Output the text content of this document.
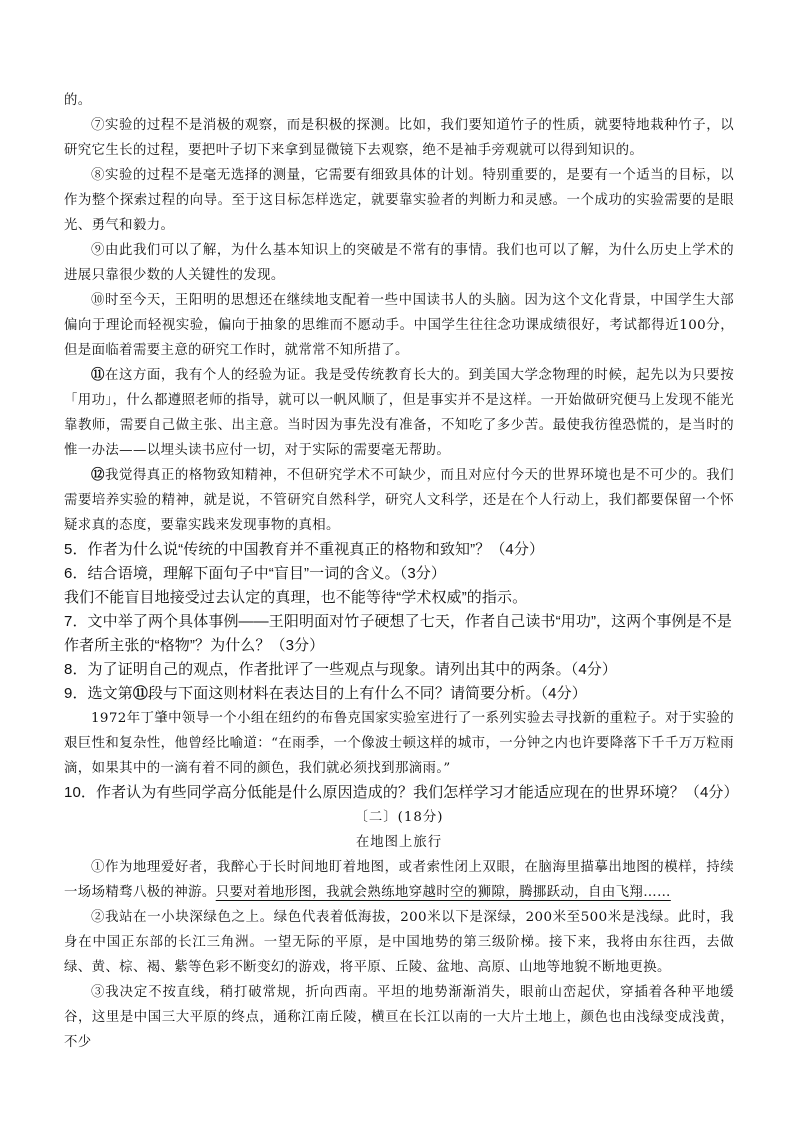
的。

⑦实验的过程不是消极的观察，而是积极的探测。比如，我们要知道竹子的性质，就要特地栽种竹子，以研究它生长的过程，要把叶子切下来拿到显微镜下去观察，绝不是袖手旁观就可以得到知识的。

⑧实验的过程不是毫无选择的测量，它需要有细致具体的计划。特别重要的，是要有一个适当的目标，以作为整个探索过程的向导。至于这目标怎样选定，就要靠实验者的判断力和灵感。一个成功的实验需要的是眼光、勇气和毅力。

⑨由此我们可以了解，为什么基本知识上的突破是不常有的事情。我们也可以了解，为什么历史上学术的进展只靠很少数的人关键性的发现。

⑩时至今天，王阳明的思想还在继续地支配着一些中国读书人的头脑。因为这个文化背景，中国学生大部偏向于理论而轻视实验，偏向于抽象的思维而不愿动手。中国学生往往念功课成绩很好，考试都得近100分，但是面临着需要主意的研究工作时，就常常不知所措了。

⑪在这方面，我有个人的经验为证。我是受传统教育长大的。到美国大学念物理的时候，起先以为只要按「用功」，什么都遵照老师的指导，就可以一帆风顺了，但是事实并不是这样。一开始做研究便马上发现不能光靠教师，需要自己做主张、出主意。当时因为事先没有准备，不知吃了多少苦。最使我彷徨恐慌的，是当时的惟一办法——以埋头读书应付一切，对于实际的需要毫无帮助。

⑫我觉得真正的格物致知精神，不但研究学术不可缺少，而且对应付今天的世界环境也是不可少的。我们需要培养实验的精神，就是说，不管研究自然科学，研究人文科学，还是在个人行动上，我们都要保留一个怀疑求真的态度，要靠实践来发现事物的真相。

5．作者为什么说“传统的中国教育并不重视真正的格物和致知”？（4分）

6．结合语境，理解下面句子中“盲目”一词的含义。（3分）

我们不能盲目地接受过去认定的真理，也不能等待“学术权威”的指示。

7．文中举了两个具体事例——王阳明面对竹子硬想了七天，作者自己读书“用功”，这两个事例是不是作者所主张的“格物”？为什么？（3分）

8．为了证明自己的观点，作者批评了一些观点与现象。请列出其中的两条。（4分）

9．选文第⑪段与下面这则材料在表达目的上有什么不同？请简要分析。（4分）

1972年丁肇中领导一个小组在纽约的布鲁克国家实验室进行了一系列实验去寻找新的重粒子。对于实验的艰巨性和复杂性，他曾经比喻道：“在雨季，一个像波士顿这样的城市，一分钟之内也许要降落下千千万万粒雨滴，如果其中的一滴有着不同的颜色，我们就必须找到那滴雨。”

10．作者认为有些同学高分低能是什么原因造成的？我们怎样学习才能适应现在的世界环境？（4分）

〔二〕(18分)

在地图上旅行

①作为地理爱好者，我醉心于长时间地盯着地图，或者索性闭上双眼，在脑海里描摹出地图的模样，持续一场场精骛八极的神游。只要对着地形图，我就会熟练地穿越时空的狮隙，腾挪跃动，自由飞翔……

②我站在一小块深绿色之上。绿色代表着低海拔，200米以下是深绿，200米至500米是浅绿。此时，我身在中国正东部的长江三角洲。一望无际的平原，是中国地势的第三级阶梯。接下来，我将由东往西，去做绿、黄、棕、褐、紫等色彩不断变幻的游戏，将平原、丘陵、盆地、高原、山地等地貌不断地更换。

③我决定不按直线，稍打破常规，折向西南。平坦的地势渐渐消失，眼前山峦起伏，穿插着各种平地缓谷，这里是中国三大平原的终点，通称江南丘陵，横亘在长江以南的一大片土地上，颜色也由浅绿变成浅黄，不少
